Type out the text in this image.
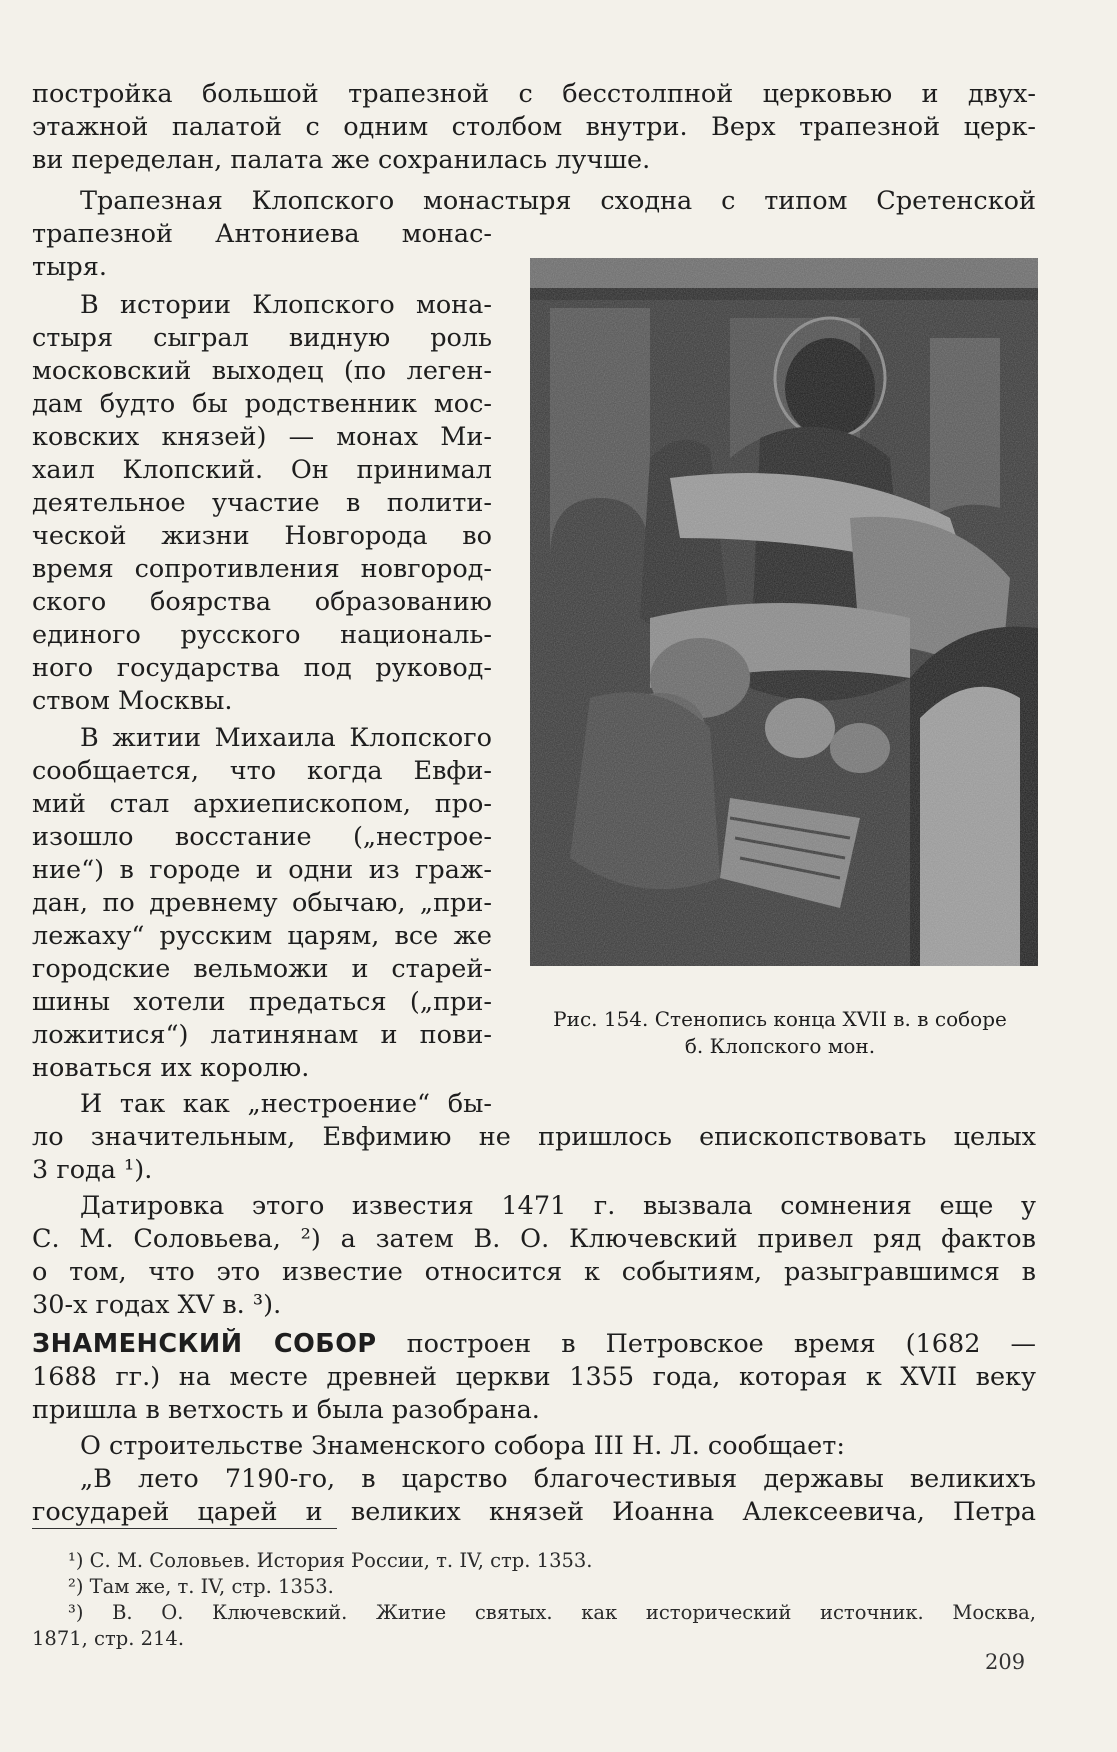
постройка большой трапезной с бесстолпной церковью и двух-
этажной палатой с одним столбом внутри. Верх трапезной церк-
ви переделан, палата же сохранилась лучше.
Трапезная Клопского монастыря сходна с типом Сретенской
трапезной Антониева монас-
тыря.
В истории Клопского мона-
стыря сыграл видную роль
московский выходец (по леген-
дам будто бы родственник мос-
ковских князей) — монах Ми-
хаил Клопский. Он принимал
деятельное участие в полити-
ческой жизни Новгорода во
время сопротивления новгород-
ского боярства образованию
единого русского националь-
ного государства под руковод-
ством Москвы.
В житии Михаила Клопского
сообщается, что когда Евфи-
мий стал архиепископом, про-
изошло восстание („нестрое-
ние“) в городе и одни из граж-
дан, по древнему обычаю, „при-
лежаху“ русским царям, все же
городские вельможи и старей-
шины хотели предаться („при-
ложитися“) латинянам и пови-
новаться их королю.
И так как „нестроение“ бы-
ло значительным, Евфимию не пришлось епископствовать целых
3 года ¹).
Датировка этого известия 1471 г. вызвала сомнения еще у
С. М. Соловьева, ²) а затем В. О. Ключевский привел ряд фактов
о том, что это известие относится к событиям, разыгравшимся в
30-х годах XV в. ³).
ЗНАМЕНСКИЙ СОБОР построен в Петровское время (1682 —
1688 гг.) на месте древней церкви 1355 года, которая к XVII веку
пришла в ветхость и была разобрана.
О строительстве Знаменского собора III Н. Л. сообщает:
„В лето 7190-го, в царство благочестивыя державы великихъ
государей царей и великих князей Иоанна Алексеевича, Петра
Рис. 154. Стенопись конца XVII в. в соборе
б. Клопского мон.
¹) С. М. Соловьев. История России, т. IV, стр. 1353.
²) Там же, т. IV, стр. 1353.
³) В. О. Ключевский. Житие святых. как исторический источник. Москва,
1871, стр. 214.
209
